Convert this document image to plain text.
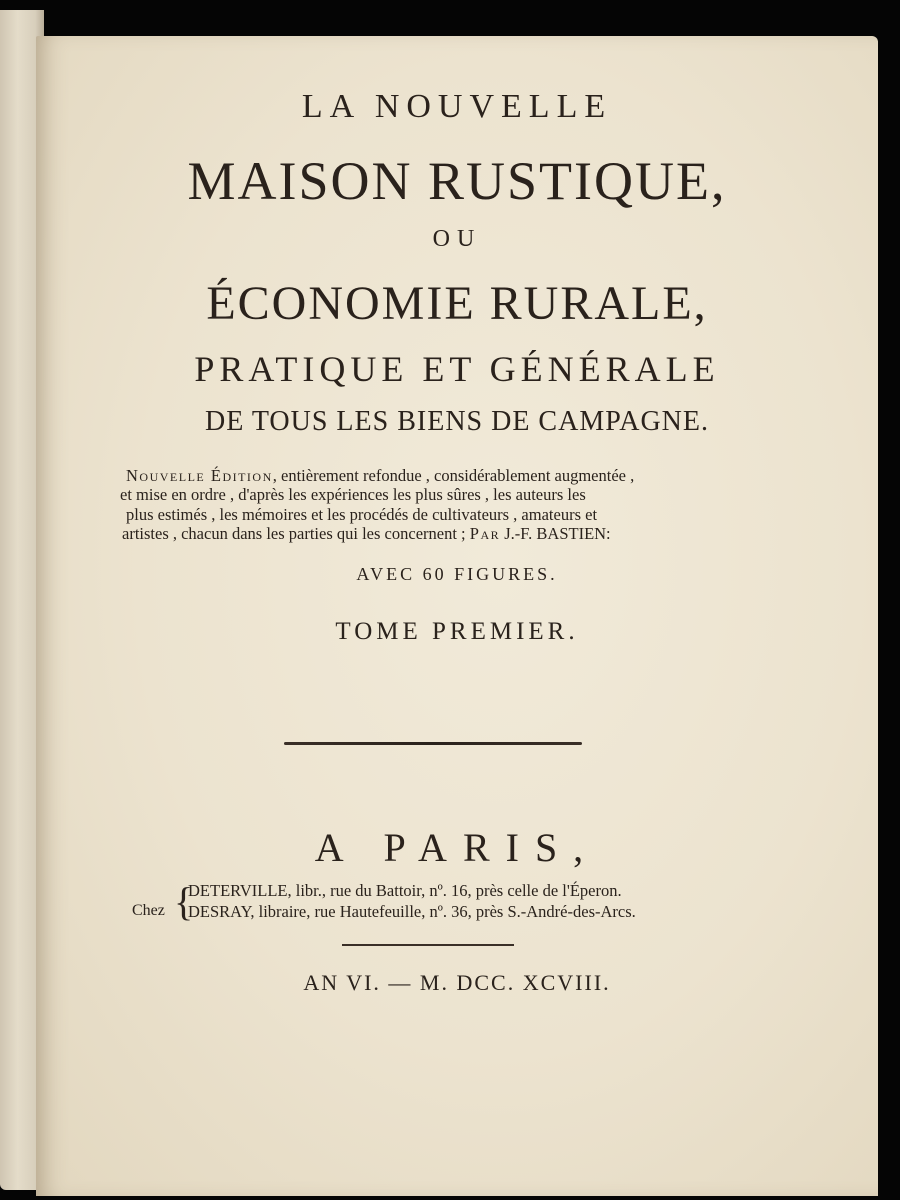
LA NOUVELLE
MAISON RUSTIQUE,
OU
ÉCONOMIE RURALE,
PRATIQUE ET GÉNÉRALE
DE TOUS LES BIENS DE CAMPAGNE.
Nouvelle Édition, entièrement refondue , considérablement augmentée ,
et mise en ordre , d'après les expériences les plus sûres , les auteurs les
plus estimés , les mémoires et les procédés de cultivateurs , amateurs et
artistes , chacun dans les parties qui les concernent ; Par J.-F. BASTIEN:
AVEC 60 FIGURES.
TOME PREMIER.
A PARIS,
Chez {
DETERVILLE, libr., rue du Battoir, nº. 16, près celle de l'Éperon.
DESRAY, libraire, rue Hautefeuille, nº. 36, près S.-André-des-Arcs.
AN VI. — M. DCC. XCVIII.
